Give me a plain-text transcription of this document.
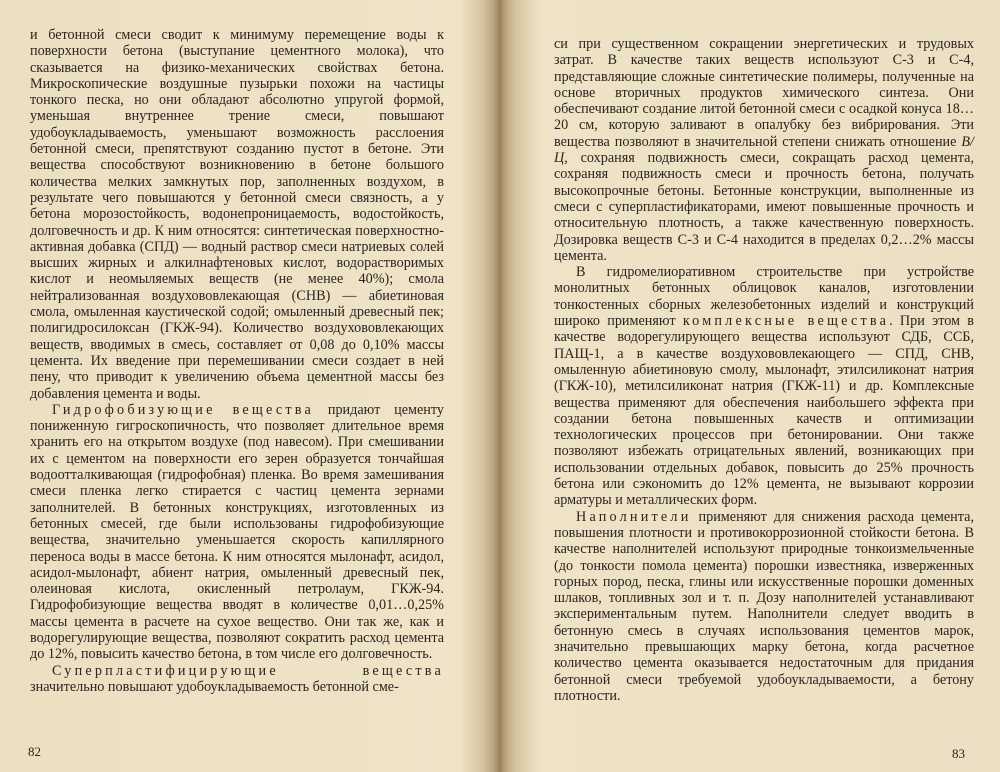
и бетонной смеси сводит к минимуму перемещение воды к поверхности бетона (выступание цементного молока), что сказывается на физико-механических свойствах бетона. Микроскопические воздушные пузырьки похожи на частицы тонкого песка, но они обладают абсолютно упругой формой, уменьшая внутреннее трение смеси, повышают удобоукладываемость, уменьшают возможность расслоения бетонной смеси, препятствуют созданию пустот в бетоне. Эти вещества способствуют возникновению в бетоне большого количества мелких замкнутых пор, заполненных воздухом, в результате чего повышаются у бетонной смеси связность, а у бетона морозостойкость, водонепроницаемость, водостойкость, долговечность и др. К ним относятся: синтетическая поверхностно-активная добавка (СПД) — водный раствор смеси натриевых солей высших жирных и алкилнафтеновых кислот, водорастворимых кислот и неомыляемых веществ (не менее 40%); смола нейтрализованная воздухововлекающая (СНВ) — абиетиновая смола, омыленная каустической содой; омыленный древесный пек; полигидросилоксан (ГКЖ-94). Количество воздухововлекающих веществ, вводимых в смесь, составляет от 0,08 до 0,10% массы цемента. Их введение при перемешивании смеси создает в ней пену, что приводит к увеличению объема цементной массы без добавления цемента и воды.

Гидрофобизующие вещества придают цементу пониженную гигроскопичность, что позволяет длительное время хранить его на открытом воздухе (под навесом). При смешивании их с цементом на поверхности его зерен образуется тончайшая водоотталкивающая (гидрофобная) пленка. Во время замешивания смеси пленка легко стирается с частиц цемента зернами заполнителей. В бетонных конструкциях, изготовленных из бетонных смесей, где были использованы гидрофобизующие вещества, значительно уменьшается скорость капиллярного переноса воды в массе бетона. К ним относятся мылонафт, асидол, асидол-мылонафт, абиент натрия, омыленный древесный пек, олеиновая кислота, окисленный петролаум, ГКЖ-94. Гидрофобизующие вещества вводят в количестве 0,01…0,25% массы цемента в расчете на сухое вещество. Они так же, как и водорегулирующие вещества, позволяют сократить расход цемента до 12%, повысить качество бетона, в том числе его долговечность.

Суперпластифицирующие вещества значительно повышают удобоукладываемость бетонной сме-

82

си при существенном сокращении энергетических и трудовых затрат. В качестве таких веществ используют С-3 и С-4, представляющие сложные синтетические полимеры, полученные на основе вторичных продуктов химического синтеза. Они обеспечивают создание литой бетонной смеси с осадкой конуса 18…20 см, которую заливают в опалубку без вибрирования. Эти вещества позволяют в значительной степени снижать отношение В/Ц, сохраняя подвижность смеси, сокращать расход цемента, сохраняя подвижность смеси и прочность бетона, получать высокопрочные бетоны. Бетонные конструкции, выполненные из смеси с суперпластификаторами, имеют повышенные прочность и относительную плотность, а также качественную поверхность. Дозировка веществ С-3 и С-4 находится в пределах 0,2…2% массы цемента.

В гидромелиоративном строительстве при устройстве монолитных бетонных облицовок каналов, изготовлении тонкостенных сборных железобетонных изделий и конструкций широко применяют комплексные вещества. При этом в качестве водорегулирующего вещества используют СДБ, ССБ, ПАЩ-1, а в качестве воздухововлекающего — СПД, СНВ, омыленную абиетиновую смолу, мылонафт, этилсиликонат натрия (ГКЖ-10), метилсиликонат натрия (ГКЖ-11) и др. Комплексные вещества применяют для обеспечения наибольшего эффекта при создании бетона повышенных качеств и оптимизации технологических процессов при бетонировании. Они также позволяют избежать отрицательных явлений, возникающих при использовании отдельных добавок, повысить до 25% прочность бетона или сэкономить до 12% цемента, не вызывают коррозии арматуры и металлических форм.

Наполнители применяют для снижения расхода цемента, повышения плотности и противокоррозионной стойкости бетона. В качестве наполнителей используют природные тонкоизмельченные (до тонкости помола цемента) порошки известняка, изверженных горных пород, песка, глины или искусственные порошки доменных шлаков, топливных зол и т. п. Дозу наполнителей устанавливают экспериментальным путем. Наполнители следует вводить в бетонную смесь в случаях использования цементов марок, значительно превышающих марку бетона, когда расчетное количество цемента оказывается недостаточным для придания бетонной смеси требуемой удобоукладываемости, а бетону плотности.

83
